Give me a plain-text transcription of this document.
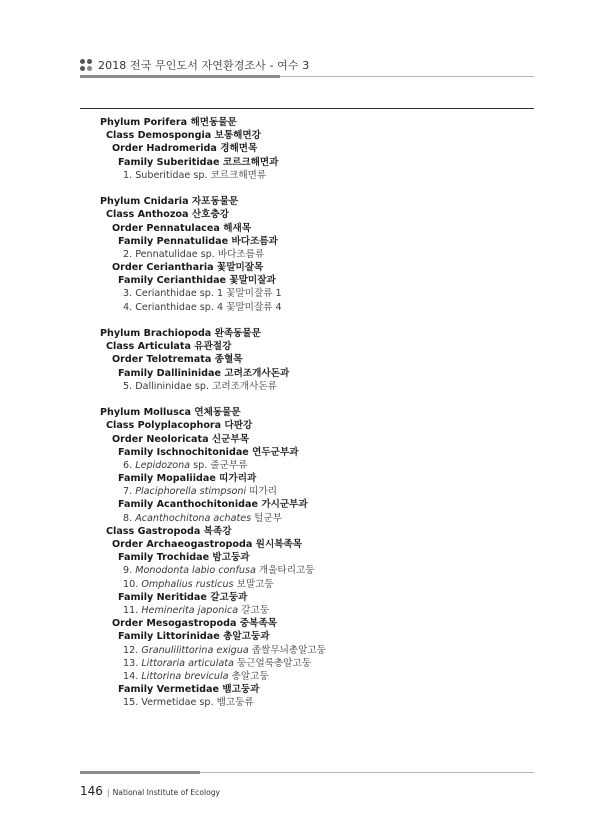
2018 전국 무인도서 자연환경조사 - 여수 3
Phylum Porifera 해면동물문
Class Demospongia 보통해면강
Order Hadromerida 경해면목
Family Suberitidae 코르크해면과
1. Suberitidae sp. 코르크해면류
Phylum Cnidaria 자포동물문
Class Anthozoa 산호충강
Order Pennatulacea 해새목
Family Pennatulidae 바다조름과
2. Pennatulidae sp. 바다조름류
Order Ceriantharia 꽃말미잘목
Family Cerianthidae 꽃말미잘과
3. Cerianthidae sp. 1 꽃말미잘류 1
4. Cerianthidae sp. 4 꽃말미잘류 4
Phylum Brachiopoda 완족동물문
Class Articulata 유관절강
Order Telotremata 종혈목
Family Dallininidae 고려조개사돈과
5. Dallininidae sp. 고려조개사돈류
Phylum Mollusca 연체동물문
Class Polyplacophora 다판강
Order Neoloricata 신군부목
Family Ischnochitonidae 연두군부과
6. Lepidozona sp. 줄군부류
Family Mopaliidae 띠가리과
7. Placiphorella stimpsoni 띠가리
Family Acanthochitonidae 가시군부과
8. Acanthochitona achates 털군부
Class Gastropoda 복족강
Order Archaeogastropoda 원시복족목
Family Trochidae 밤고둥과
9. Monodonta labio confusa 개울타리고둥
10. Omphalius rusticus 보말고둥
Family Neritidae 갈고둥과
11. Heminerita japonica 갈고둥
Order Mesogastropoda 중복족목
Family Littorinidae 총알고둥과
12. Granulilittorina exigua 좁쌀무늬총알고둥
13. Littoraria articulata 둥근얼룩총알고둥
14. Littorina brevicula 총알고둥
Family Vermetidae 뱀고둥과
15. Vermetidae sp. 뱀고둥류
146 | National Institute of Ecology
